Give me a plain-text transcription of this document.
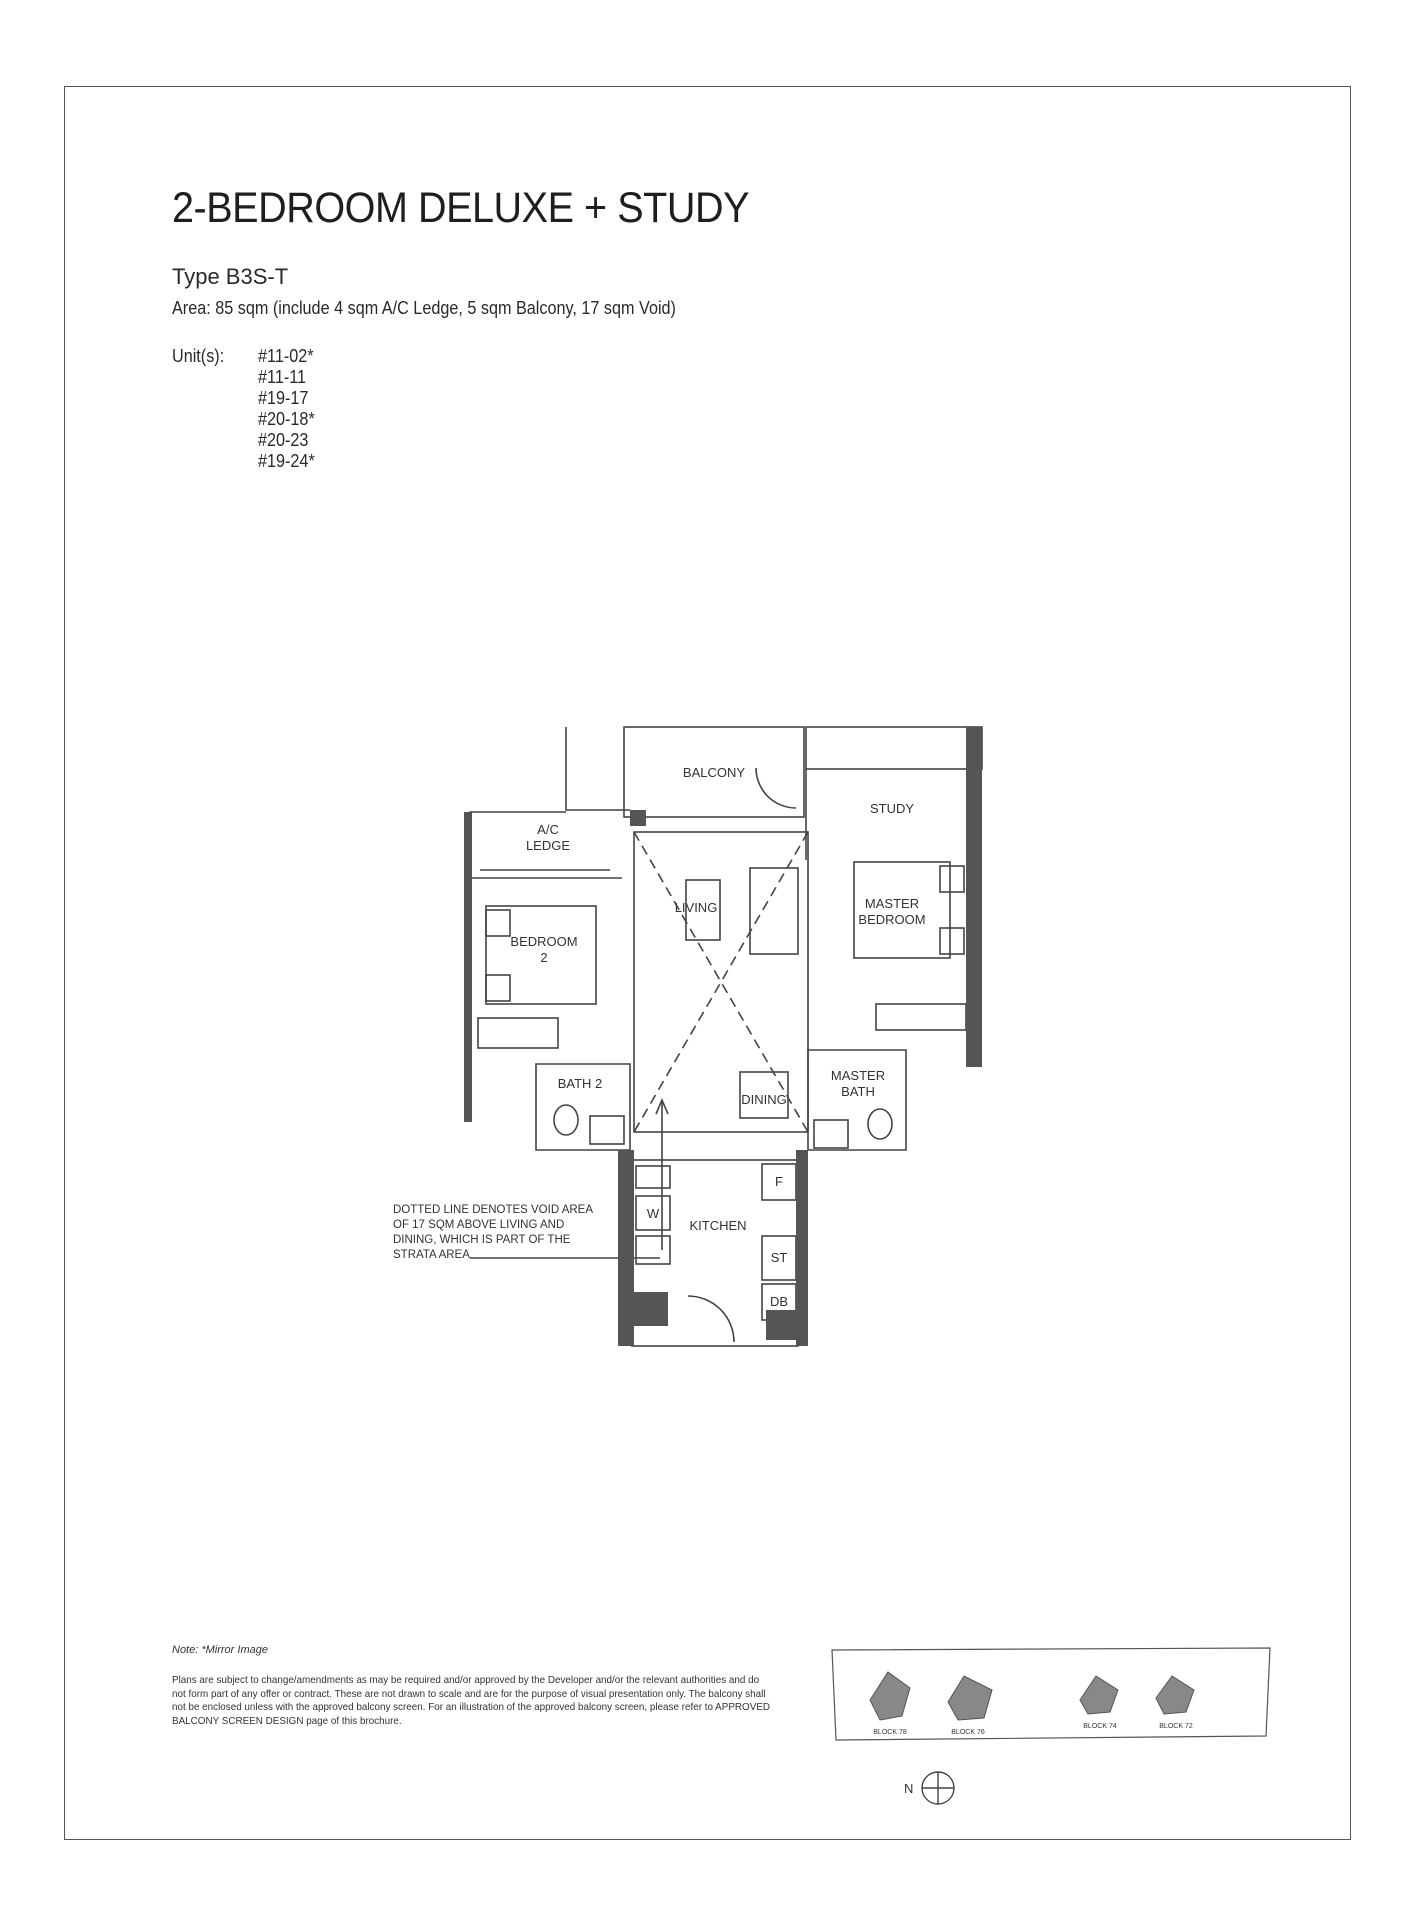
2-BEDROOM DELUXE + STUDY
Type B3S-T
Area: 85 sqm (include 4 sqm A/C Ledge, 5 sqm Balcony, 17 sqm Void)
Unit(s): #11-02*
#11-11
#19-17
#20-18*
#20-23
#19-24*
BALCONY
STUDY
A/C
LEDGE
LIVING	MASTER
BEDROOM
BEDROOM
2
BATH 2
DINING
MASTER
BATH
KITCHEN
F
W
ST
DB
BLOCK 78	BLOCK 76
BLOCK 74	BLOCK 72
N
DOTTED LINE DENOTES VOID AREA
OF 17 SQM ABOVE LIVING AND
DINING, WHICH IS PART OF THE
STRATA AREA
Note: *Mirror Image
Plans are subject to change/amendments as may be required and/or approved by the Developer and/or the relevant authorities and do not form part of any offer or contract. These are not drawn to scale and are for the purpose of visual presentation only. The balcony shall not be enclosed unless with the approved balcony screen. For an illustration of the approved balcony screen, please refer to APPROVED BALCONY SCREEN DESIGN page of this brochure.
